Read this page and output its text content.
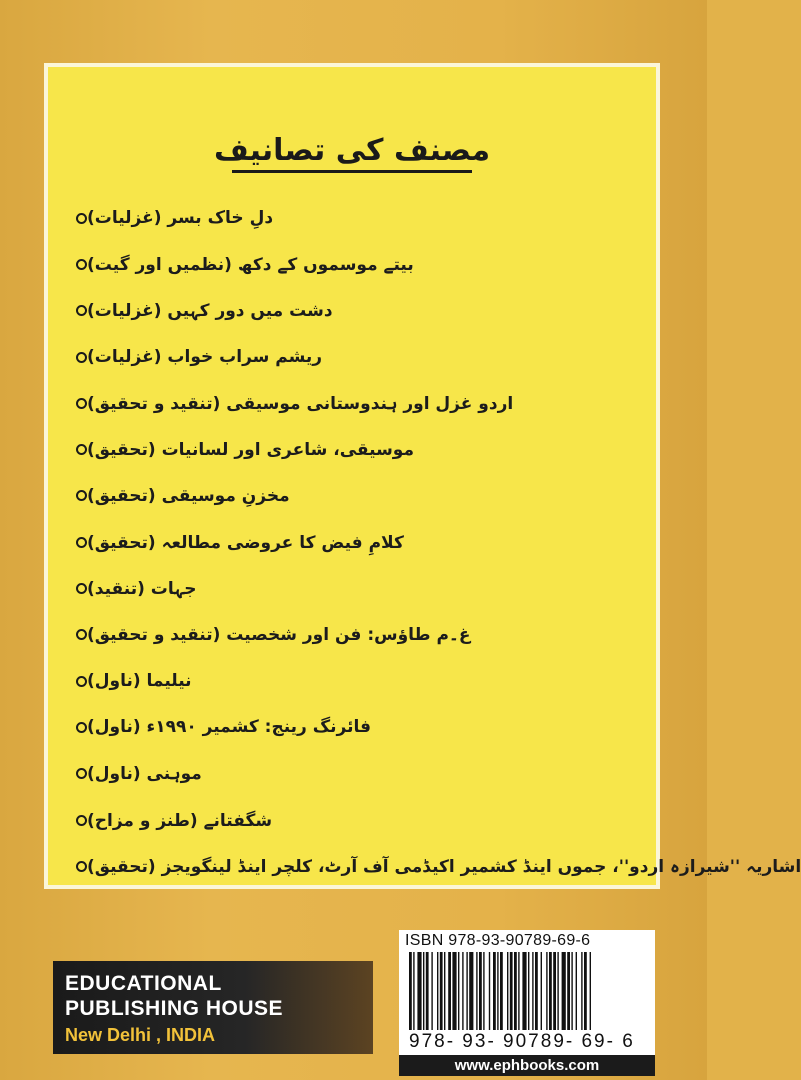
مصنف کی تصانیف
دلِ خاک بسر (غزلیات)
بیتے موسموں کے دکھ (نظمیں اور گیت)
دشت میں دور کہیں (غزلیات)
ریشم سراب خواب (غزلیات)
اردو غزل اور ہندوستانی موسیقی (تنقید و تحقیق)
موسیقی، شاعری اور لسانیات (تحقیق)
مخزنِ موسیقی (تحقیق)
کلامِ فیض کا عروضی مطالعہ (تحقیق)
جہات (تنقید)
غ۔م طاؤس: فن اور شخصیت (تنقید و تحقیق)
نیلیما (ناول)
فائرنگ رینج: کشمیر ۱۹۹۰ء (ناول)
موہنی (ناول)
شگفتانے (طنز و مزاح)
اشاریہ ''شیرازہ اردو''، جموں اینڈ کشمیر اکیڈمی آف آرٹ، کلچر اینڈ لینگویجز (تحقیق)
EDUCATIONAL
PUBLISHING HOUSE
New Delhi , INDIA
ISBN 978-93-90789-69-6
978- 93- 90789- 69- 6
www.ephbooks.com
